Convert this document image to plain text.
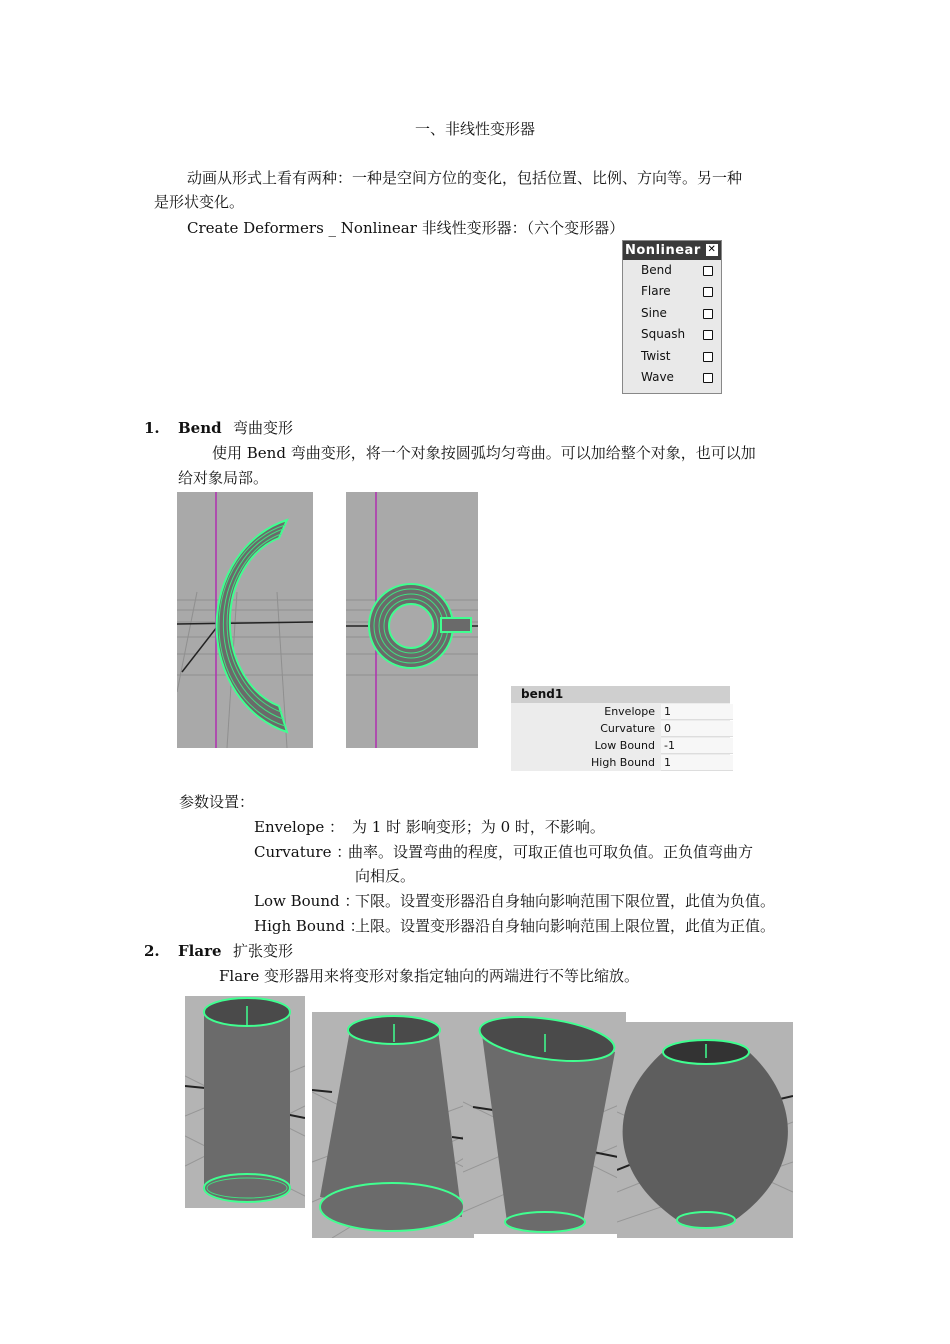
一、非线性变形器
动画从形式上看有两种：一种是空间方位的变化，包括位置、比例、方向等。另一种
是形状变化。
Create Deformers _ Nonlinear 非线性变形器：（六个变形器）
Nonlinear ✕
Bend
Flare
Sine
Squash
Twist
Wave
1. Bend 弯曲变形
使用 Bend 弯曲变形，将一个对象按圆弧均匀弯曲。可以加给整个对象，也可以加
给对象局部。
bend1
Envelope 1
Curvature 0
Low Bound -1
High Bound 1
参数设置：
Envelope ： 为 1 时 影响变形；为 0 时，不影响。
Curvature ：
曲率。设置弯曲的程度，可取正值也可取负值。正负值弯曲方
向相反。
Low Bound ：
下限。设置变形器沿自身轴向影响范围下限位置，此值为负值。
High Bound ：
上限。设置变形器沿自身轴向影响范围上限位置，此值为正值。
2. Flare 扩张变形
Flare 变形器用来将变形对象指定轴向的两端进行不等比缩放。
